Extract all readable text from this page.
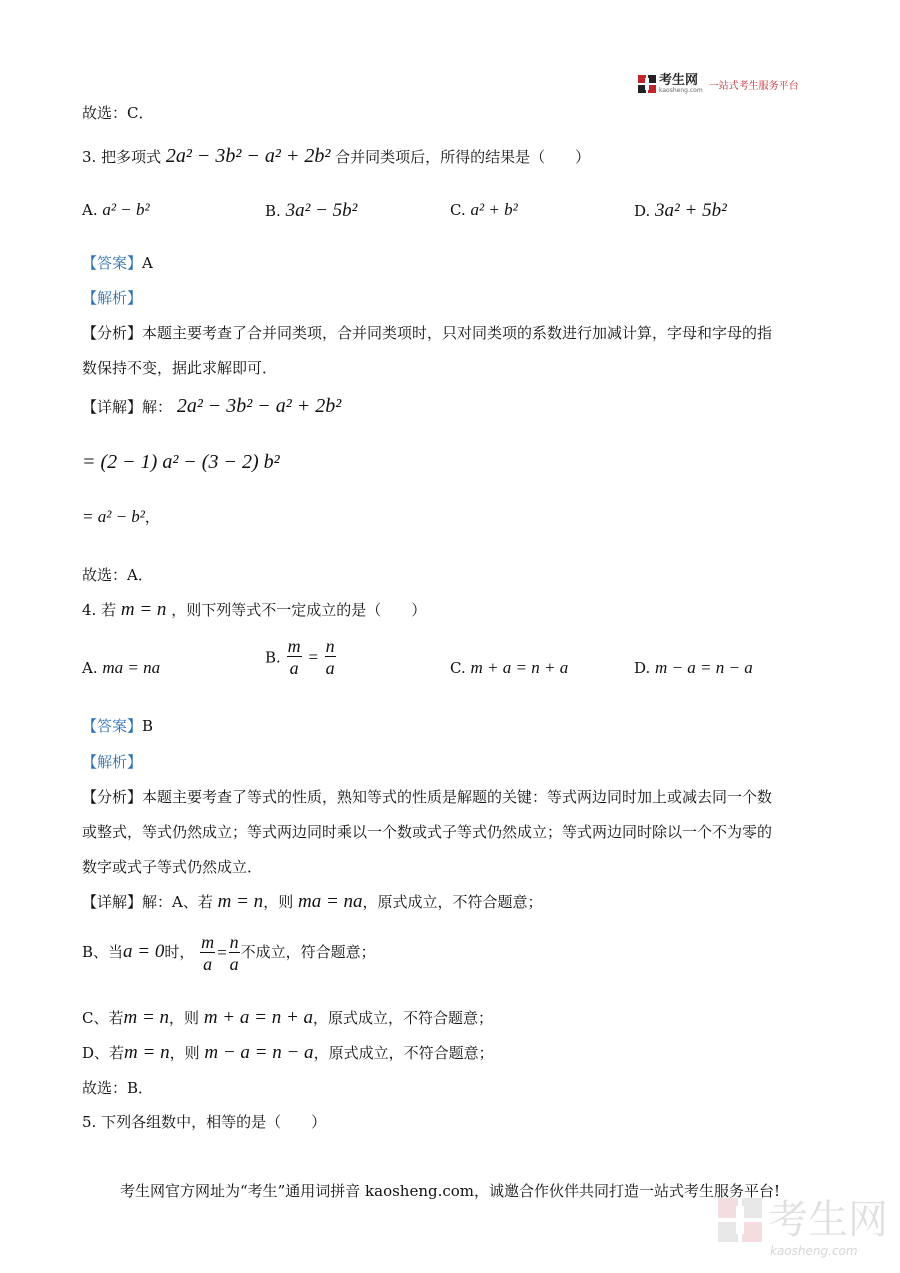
考生网
kaosheng.com 一站式考生服务平台
故选：C．
3. 把多项式 2a² − 3b² − a² + 2b² 合并同类项后，所得的结果是（　　）
A. a² − b²	B. 3a² − 5b²	C. a² + b²	D. 3a² + 5b²
【答案】A
【解析】
【分析】本题主要考查了合并同类项，合并同类项时，只对同类项的系数进行加减计算，字母和字母的指
数保持不变，据此求解即可．
【详解】解： 2a² − 3b² − a² + 2b²
= (2 − 1) a² − (3 − 2) b²
= a² − b²，
故选：A．
4. 若 m = n ，则下列等式不一定成立的是（　　）
A. ma = na
B. $\frac{m}{a} = \frac{n}{a}$	C. m + a = n + a	D. m − a = n − a
【答案】B
【解析】
【分析】本题主要考查了等式的性质，熟知等式的性质是解题的关键：等式两边同时加上或减去同一个数
或整式，等式仍然成立；等式两边同时乘以一个数或式子等式仍然成立；等式两边同时除以一个不为零的
数字或式子等式仍然成立．
【详解】解：A、若 m = n，则 ma = na，原式成立，不符合题意；
B、当a = 0时， $\frac{m}{a} = \frac{n}{a}$ 不成立，符合题意；
C、若m = n，则 m + a = n + a，原式成立，不符合题意；
D、若m = n，则 m − a = n − a，原式成立，不符合题意；
故选：B．
5. 下列各组数中，相等的是（　　）
考生网官方网址为“考生”通用词拼音 kaosheng.com，诚邀合作伙伴共同打造一站式考生服务平台!
考生网
kaosheng.com
